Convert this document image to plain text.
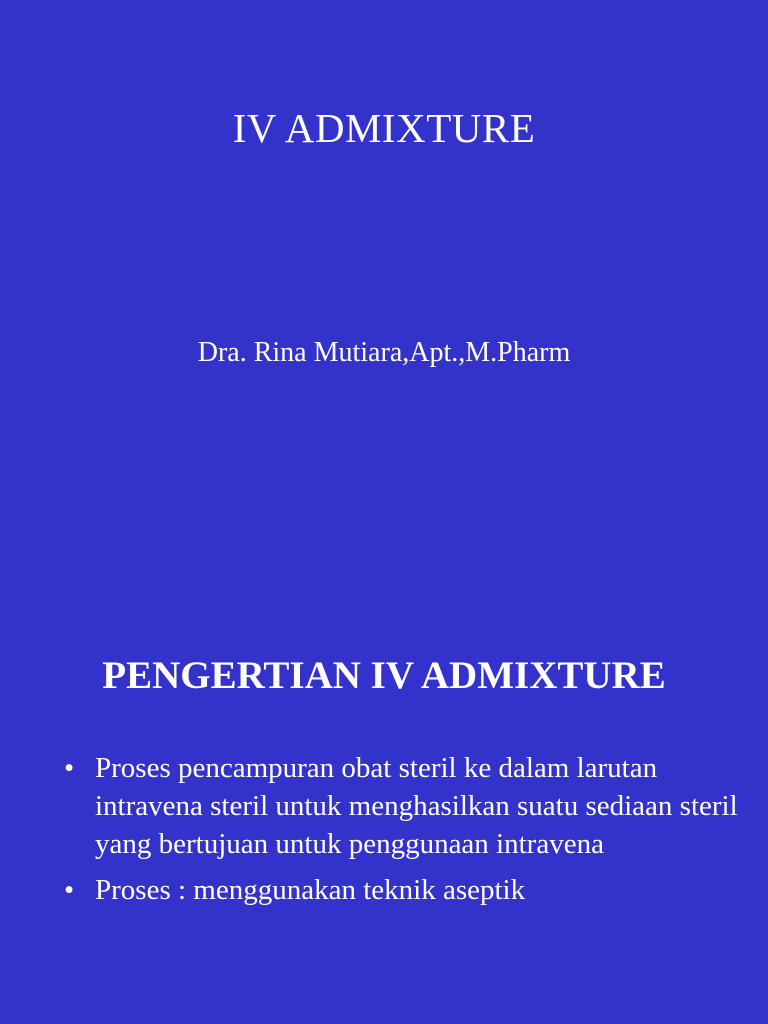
IV ADMIXTURE
Dra. Rina Mutiara,Apt.,M.Pharm
PENGERTIAN IV ADMIXTURE
• Proses pencampuran obat steril ke dalam larutan intravena steril untuk menghasilkan suatu sediaan steril yang bertujuan untuk penggunaan intravena
• Proses : menggunakan teknik aseptik
